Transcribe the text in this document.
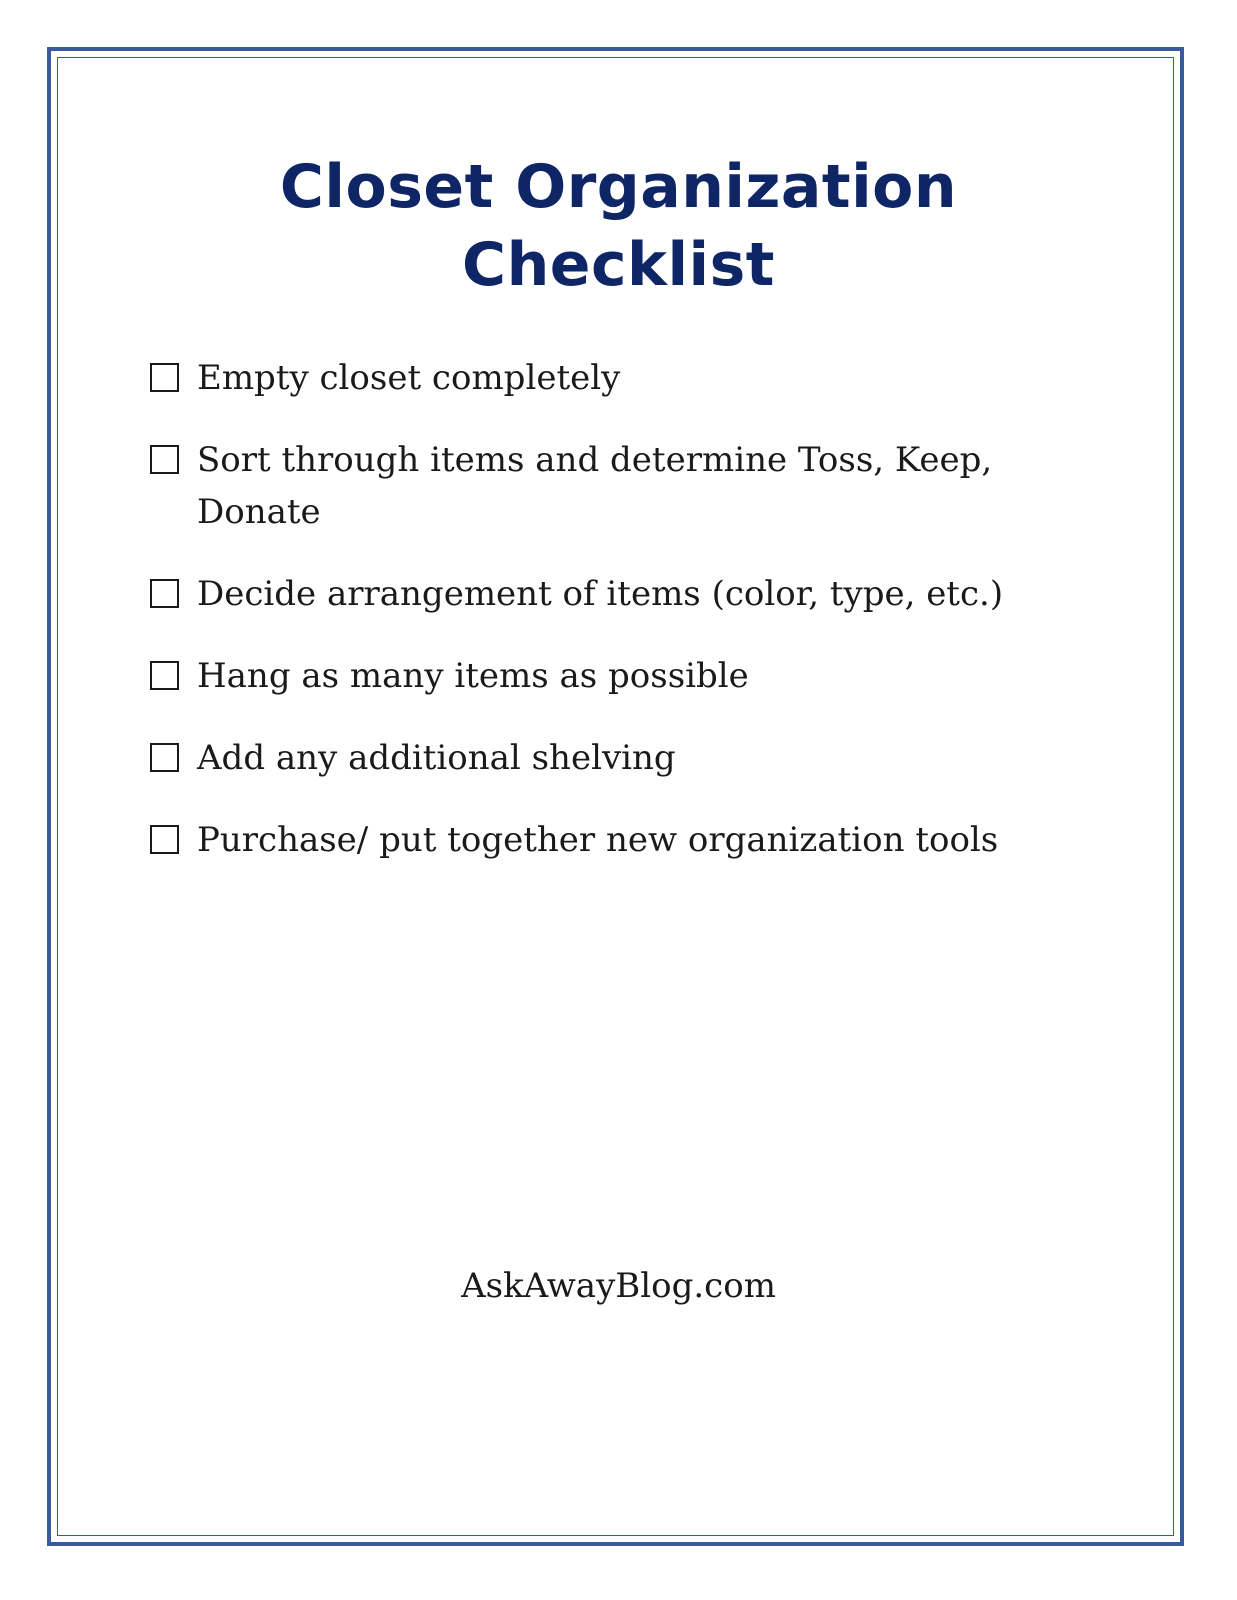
Closet Organization
Checklist
Empty closet completely
Sort through items and determine Toss, Keep, Donate
Decide arrangement of items (color, type, etc.)
Hang as many items as possible
Add any additional shelving
Purchase/ put together new organization tools
AskAwayBlog.com
